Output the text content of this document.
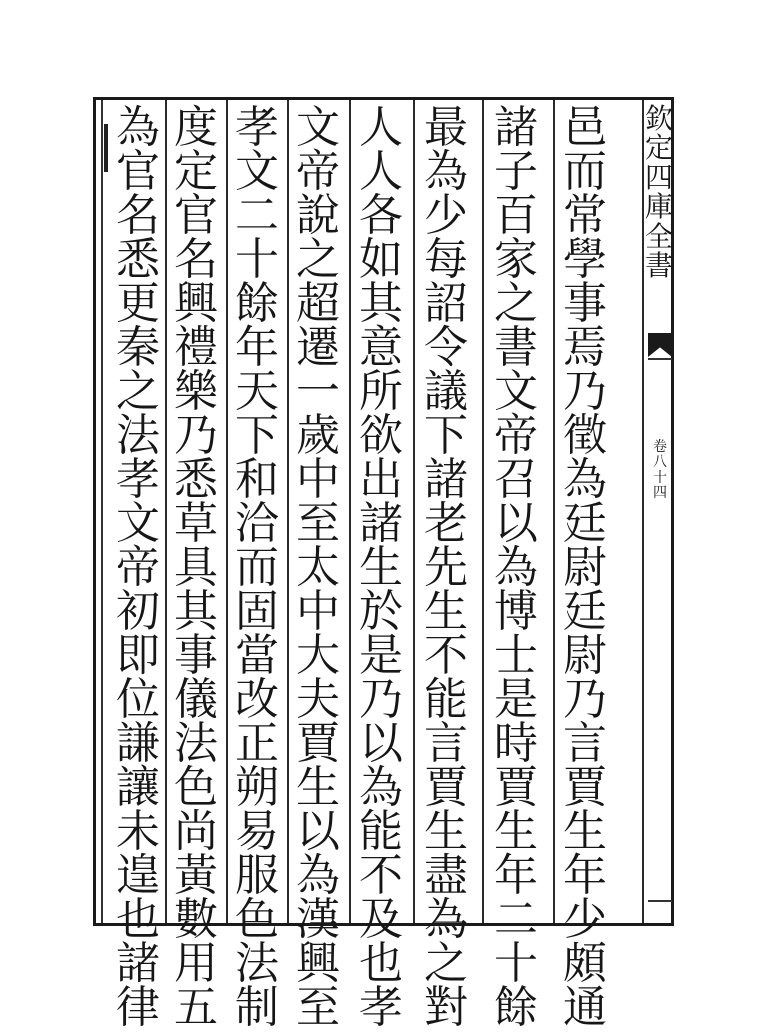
欽
定
四
庫
全
書
卷
八
十
四
邑
而
常
學
事
焉
乃
徵
為
廷
尉
廷
尉
乃
言
賈
生
年
少
頗
通
諸
子
百
家
之
書
文
帝
召
以
為
博
士
是
時
賈
生
年
二
十
餘
最
為
少
每
詔
令
議
下
諸
老
先
生
不
能
言
賈
生
盡
為
之
對
人
人
各
如
其
意
所
欲
出
諸
生
於
是
乃
以
為
能
不
及
也
孝
文
帝
說
之
超
遷
一
歲
中
至
太
中
大
夫
賈
生
以
為
漢
興
至
孝
文
二
十
餘
年
天
下
和
洽
而
固
當
改
正
朔
易
服
色
法
制
度
定
官
名
興
禮
樂
乃
悉
草
具
其
事
儀
法
色
尚
黃
數
用
五
為
官
名
悉
更
秦
之
法
孝
文
帝
初
即
位
謙
讓
未
遑
也
諸
律
